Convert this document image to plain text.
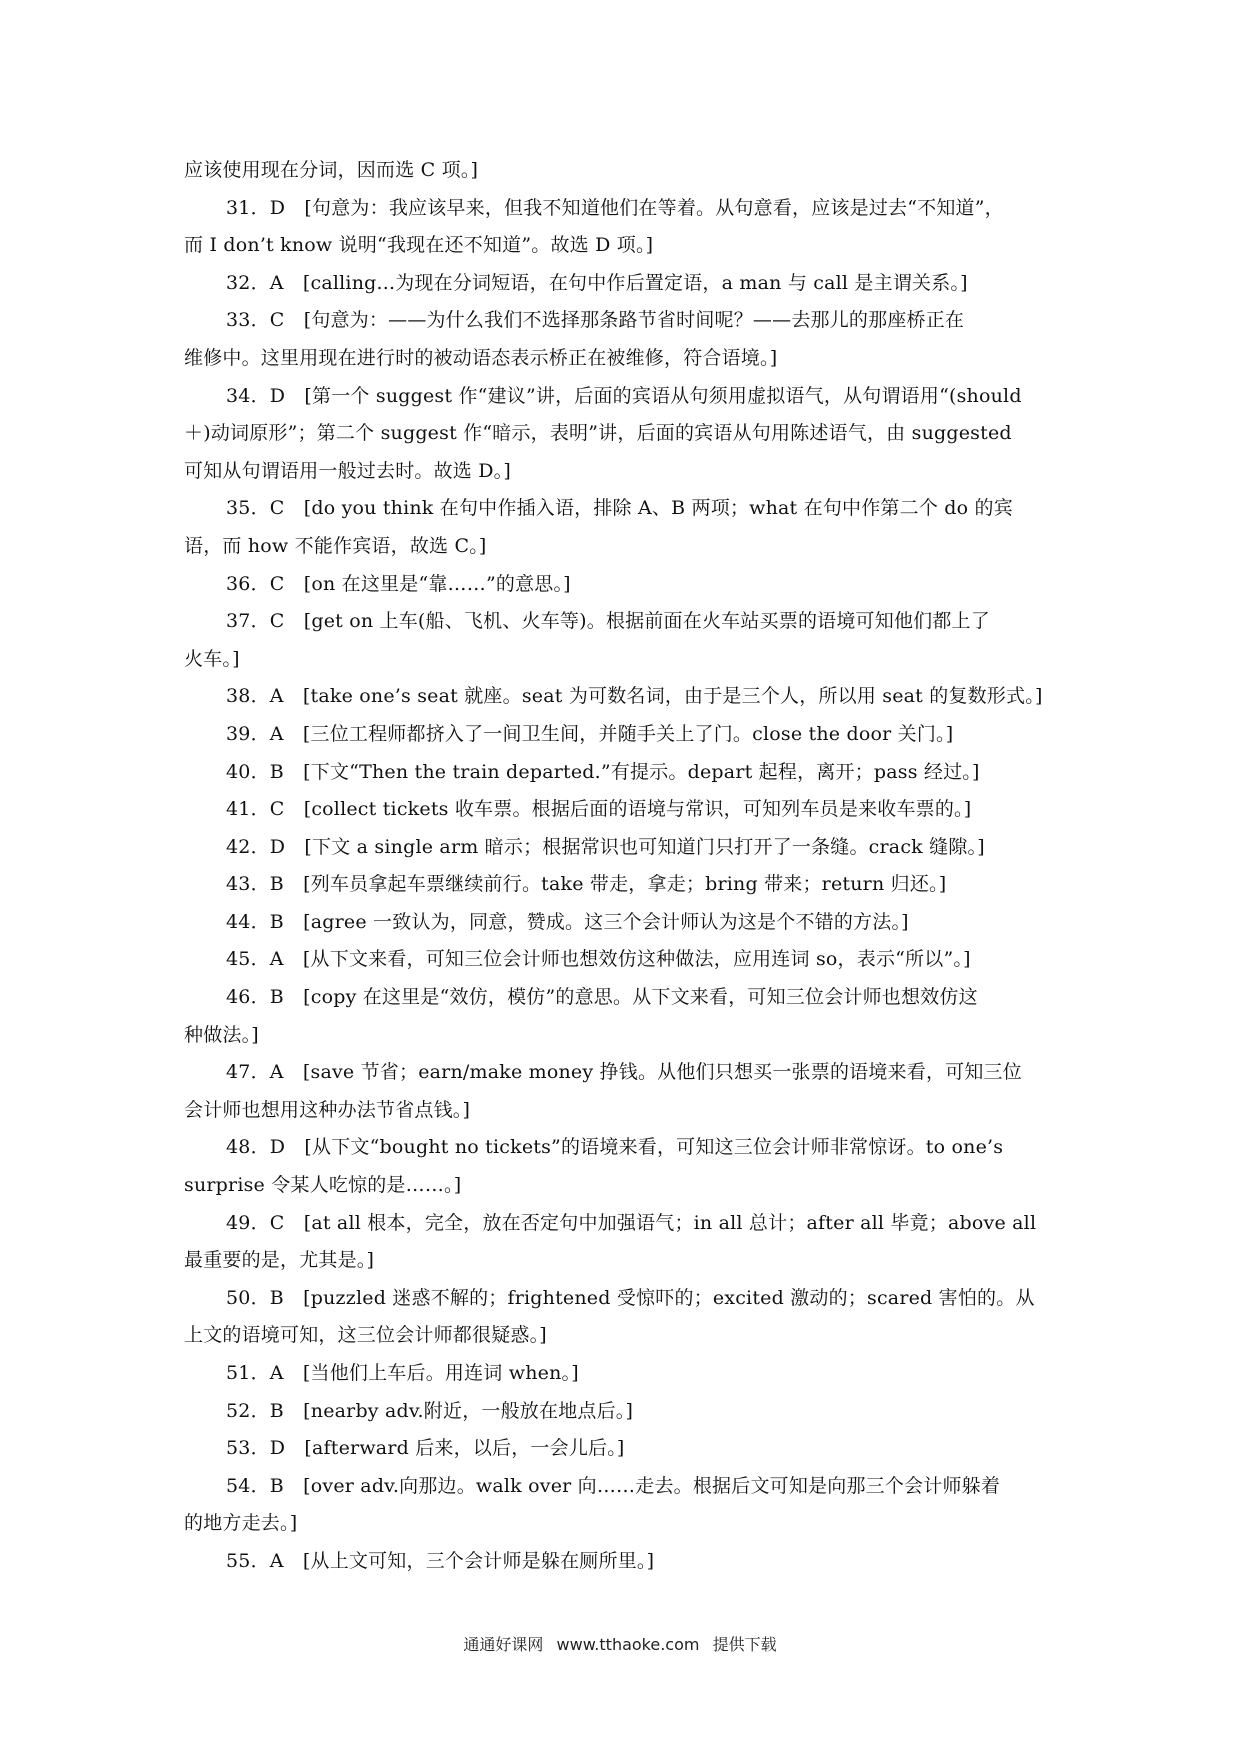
应该使用现在分词，因而选 C 项。]
31．D　[句意为：我应该早来，但我不知道他们在等着。从句意看，应该是过去“不知道”，
而 I don’t know 说明“我现在还不知道”。故选 D 项。]
32．A　[calling...为现在分词短语，在句中作后置定语，a man 与 call 是主谓关系。]
33．C　[句意为：——为什么我们不选择那条路节省时间呢？——去那儿的那座桥正在
维修中。这里用现在进行时的被动语态表示桥正在被维修，符合语境。]
34．D　[第一个 suggest 作“建议”讲，后面的宾语从句须用虚拟语气，从句谓语用“(should
＋)动词原形”；第二个 suggest 作“暗示，表明”讲，后面的宾语从句用陈述语气，由 suggested
可知从句谓语用一般过去时。故选 D。]
35．C　[do you think 在句中作插入语，排除 A、B 两项；what 在句中作第二个 do 的宾
语，而 how 不能作宾语，故选 C。]
36．C　[on 在这里是“靠……”的意思。]
37．C　[get on 上车(船、飞机、火车等)。根据前面在火车站买票的语境可知他们都上了
火车。]
38．A　[take one’s seat 就座。seat 为可数名词，由于是三个人，所以用 seat 的复数形式。]
39．A　[三位工程师都挤入了一间卫生间，并随手关上了门。close the door 关门。]
40．B　[下文“Then the train departed.”有提示。depart 起程，离开；pass 经过。]
41．C　[collect tickets 收车票。根据后面的语境与常识，可知列车员是来收车票的。]
42．D　[下文 a single arm 暗示；根据常识也可知道门只打开了一条缝。crack 缝隙。]
43．B　[列车员拿起车票继续前行。take 带走，拿走；bring 带来；return 归还。]
44．B　[agree 一致认为，同意，赞成。这三个会计师认为这是个不错的方法。]
45．A　[从下文来看，可知三位会计师也想效仿这种做法，应用连词 so，表示“所以”。]
46．B　[copy 在这里是“效仿，模仿”的意思。从下文来看，可知三位会计师也想效仿这
种做法。]
47．A　[save 节省；earn/make money 挣钱。从他们只想买一张票的语境来看，可知三位
会计师也想用这种办法节省点钱。]
48．D　[从下文“bought no tickets”的语境来看，可知这三位会计师非常惊讶。to one’s
surprise 令某人吃惊的是……。]
49．C　[at all 根本，完全，放在否定句中加强语气；in all 总计；after all 毕竟；above all
最重要的是，尤其是。]
50．B　[puzzled 迷惑不解的；frightened 受惊吓的；excited 激动的；scared 害怕的。从
上文的语境可知，这三位会计师都很疑惑。]
51．A　[当他们上车后。用连词 when。]
52．B　[nearby adv.附近，一般放在地点后。]
53．D　[afterward 后来，以后，一会儿后。]
54．B　[over adv.向那边。walk over 向……走去。根据后文可知是向那三个会计师躲着
的地方走去。]
55．A　[从上文可知，三个会计师是躲在厕所里。]
通通好课网 www.tthaoke.com 提供下载
